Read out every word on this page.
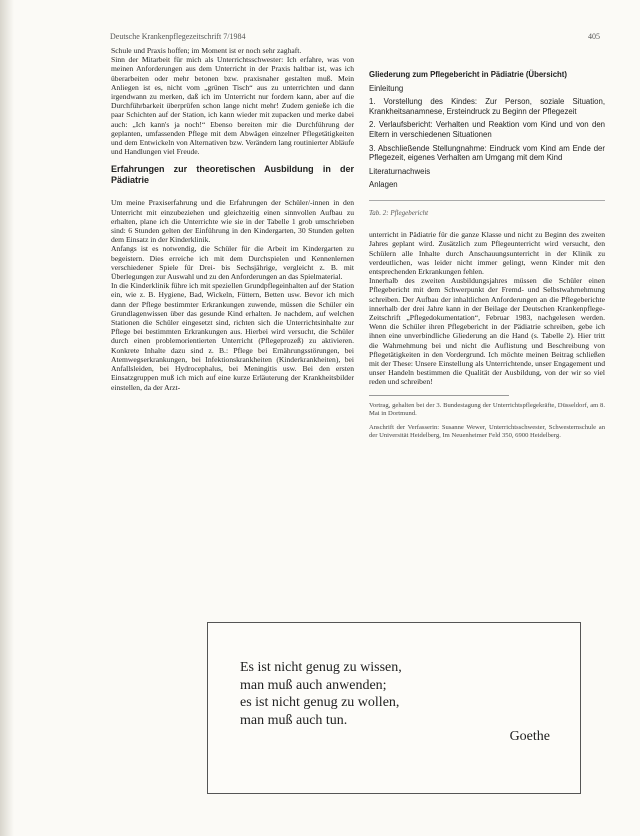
Deutsche Krankenpflegezeitschrift 7/1984	405

Schule und Praxis hoffen; im Moment ist er noch sehr zaghaft.

Sinn der Mitarbeit für mich als Unterrichtsschwester: Ich erfahre, was von meinen Anforderungen aus dem Unterricht in der Praxis haltbar ist, was ich überarbeiten oder mehr betonen bzw. praxisnaher gestalten muß. Mein Anliegen ist es, nicht vom „grünen Tisch“ aus zu unterrichten und dann irgendwann zu merken, daß ich im Unterricht nur fordern kann, aber auf die Durchführbarkeit überprüfen schon lange nicht mehr! Zudem genieße ich die paar Schichten auf der Station, ich kann wieder mit zupacken und merke dabei auch: „Ich kann's ja noch!“ Ebenso bereiten mir die Durchführung der geplanten, umfassenden Pflege mit dem Abwägen einzelner Pflegetätigkeiten und dem Entwickeln von Alternativen bzw. Verändern lang routinierter Abläufe und Handlungen viel Freude.

Erfahrungen zur theoretischen Ausbildung in der Pädiatrie

Um meine Praxiserfahrung und die Erfahrungen der Schüler/-innen in den Unterricht mit einzubeziehen und gleichzeitig einen sinnvollen Aufbau zu erhalten, plane ich die Unterrichte wie sie in der Tabelle 1 grob umschrieben sind: 6 Stunden gelten der Einführung in den Kindergarten, 30 Stunden gelten dem Einsatz in der Kinderklinik.

Anfangs ist es notwendig, die Schüler für die Arbeit im Kindergarten zu begeistern. Dies erreiche ich mit dem Durchspielen und Kennenlernen verschiedener Spiele für Drei- bis Sechsjährige, vergleicht z. B. mit Überlegungen zur Auswahl und zu den Anforderungen an das Spielmaterial.

In die Kinderklinik führe ich mit speziellen Grundpflegeinhalten auf der Station ein, wie z. B. Hygiene, Bad, Wickeln, Füttern, Betten usw. Bevor ich mich dann der Pflege bestimmter Erkrankungen zuwende, müssen die Schüler ein Grundlagenwissen über das gesunde Kind erhalten. Je nachdem, auf welchen Stationen die Schüler eingesetzt sind, richten sich die Unterrichtsinhalte zur Pflege bei bestimmten Erkrankungen aus. Hierbei wird versucht, die Schüler durch einen problemorientierten Unterricht (Pflegeprozeß) zu aktivieren. Konkrete Inhalte dazu sind z. B.: Pflege bei Ernährungsstörungen, bei Atemwegserkrankungen, bei Infektionskrankheiten (Kinderkrankheiten), bei Anfallsleiden, bei Hydrocephalus, bei Meningitis usw. Bei den ersten Einsatzgruppen muß ich mich auf eine kurze Erläuterung der Krankheitsbilder einstellen, da der Arzt-

Gliederung zum Pflegebericht in Pädiatrie (Übersicht)
Einleitung
1. Vorstellung des Kindes: Zur Person, soziale Situation, Krankheitsanamnese, Ersteindruck zu Beginn der Pflegezeit
2. Verlaufsbericht: Verhalten und Reaktion vom Kind und von den Eltern in verschiedenen Situationen
3. Abschließende Stellungnahme: Eindruck vom Kind am Ende der Pflegezeit, eigenes Verhalten am Umgang mit dem Kind
Literaturnachweis
Anlagen
Tab. 2: Pflegebericht

unterricht in Pädiatrie für die ganze Klasse und nicht zu Beginn des zweiten Jahres geplant wird. Zusätzlich zum Pflegeunterricht wird versucht, den Schülern alle Inhalte durch Anschauungsunterricht in der Klinik zu verdeutlichen, was leider nicht immer gelingt, wenn Kinder mit den entsprechenden Erkrankungen fehlen.

Innerhalb des zweiten Ausbildungsjahres müssen die Schüler einen Pflegebericht mit dem Schwerpunkt der Fremd- und Selbstwahrnehmung schreiben. Der Aufbau der inhaltlichen Anforderungen an die Pflegeberichte innerhalb der drei Jahre kann in der Beilage der Deutschen Krankenpflege-Zeitschrift „Pflegedokumentation“, Februar 1983, nachgelesen werden. Wenn die Schüler ihren Pflegebericht in der Pädiatrie schreiben, gebe ich ihnen eine unverbindliche Gliederung an die Hand (s. Tabelle 2). Hier tritt die Wahrnehmung bei und nicht die Auflistung und Beschreibung von Pflegetätigkeiten in den Vordergrund. Ich möchte meinen Beitrag schließen mit der These: Unsere Einstellung als Unterrichtende, unser Engagement und unser Handeln bestimmen die Qualität der Ausbildung, von der wir so viel reden und schreiben!

Vortrag, gehalten bei der 3. Bundestagung der Unterrichtspflegekräfte, Düsseldorf, am 8. Mai in Dortmund.
Anschrift der Verfasserin: Susanne Wewer, Unterrichtsschwester, Schwesternschule an der Universität Heidelberg, Im Neuenheimer Feld 350, 6900 Heidelberg.
Es ist nicht genug zu wissen,
man muß auch anwenden;
es ist nicht genug zu wollen,
man muß auch tun.
Goethe
